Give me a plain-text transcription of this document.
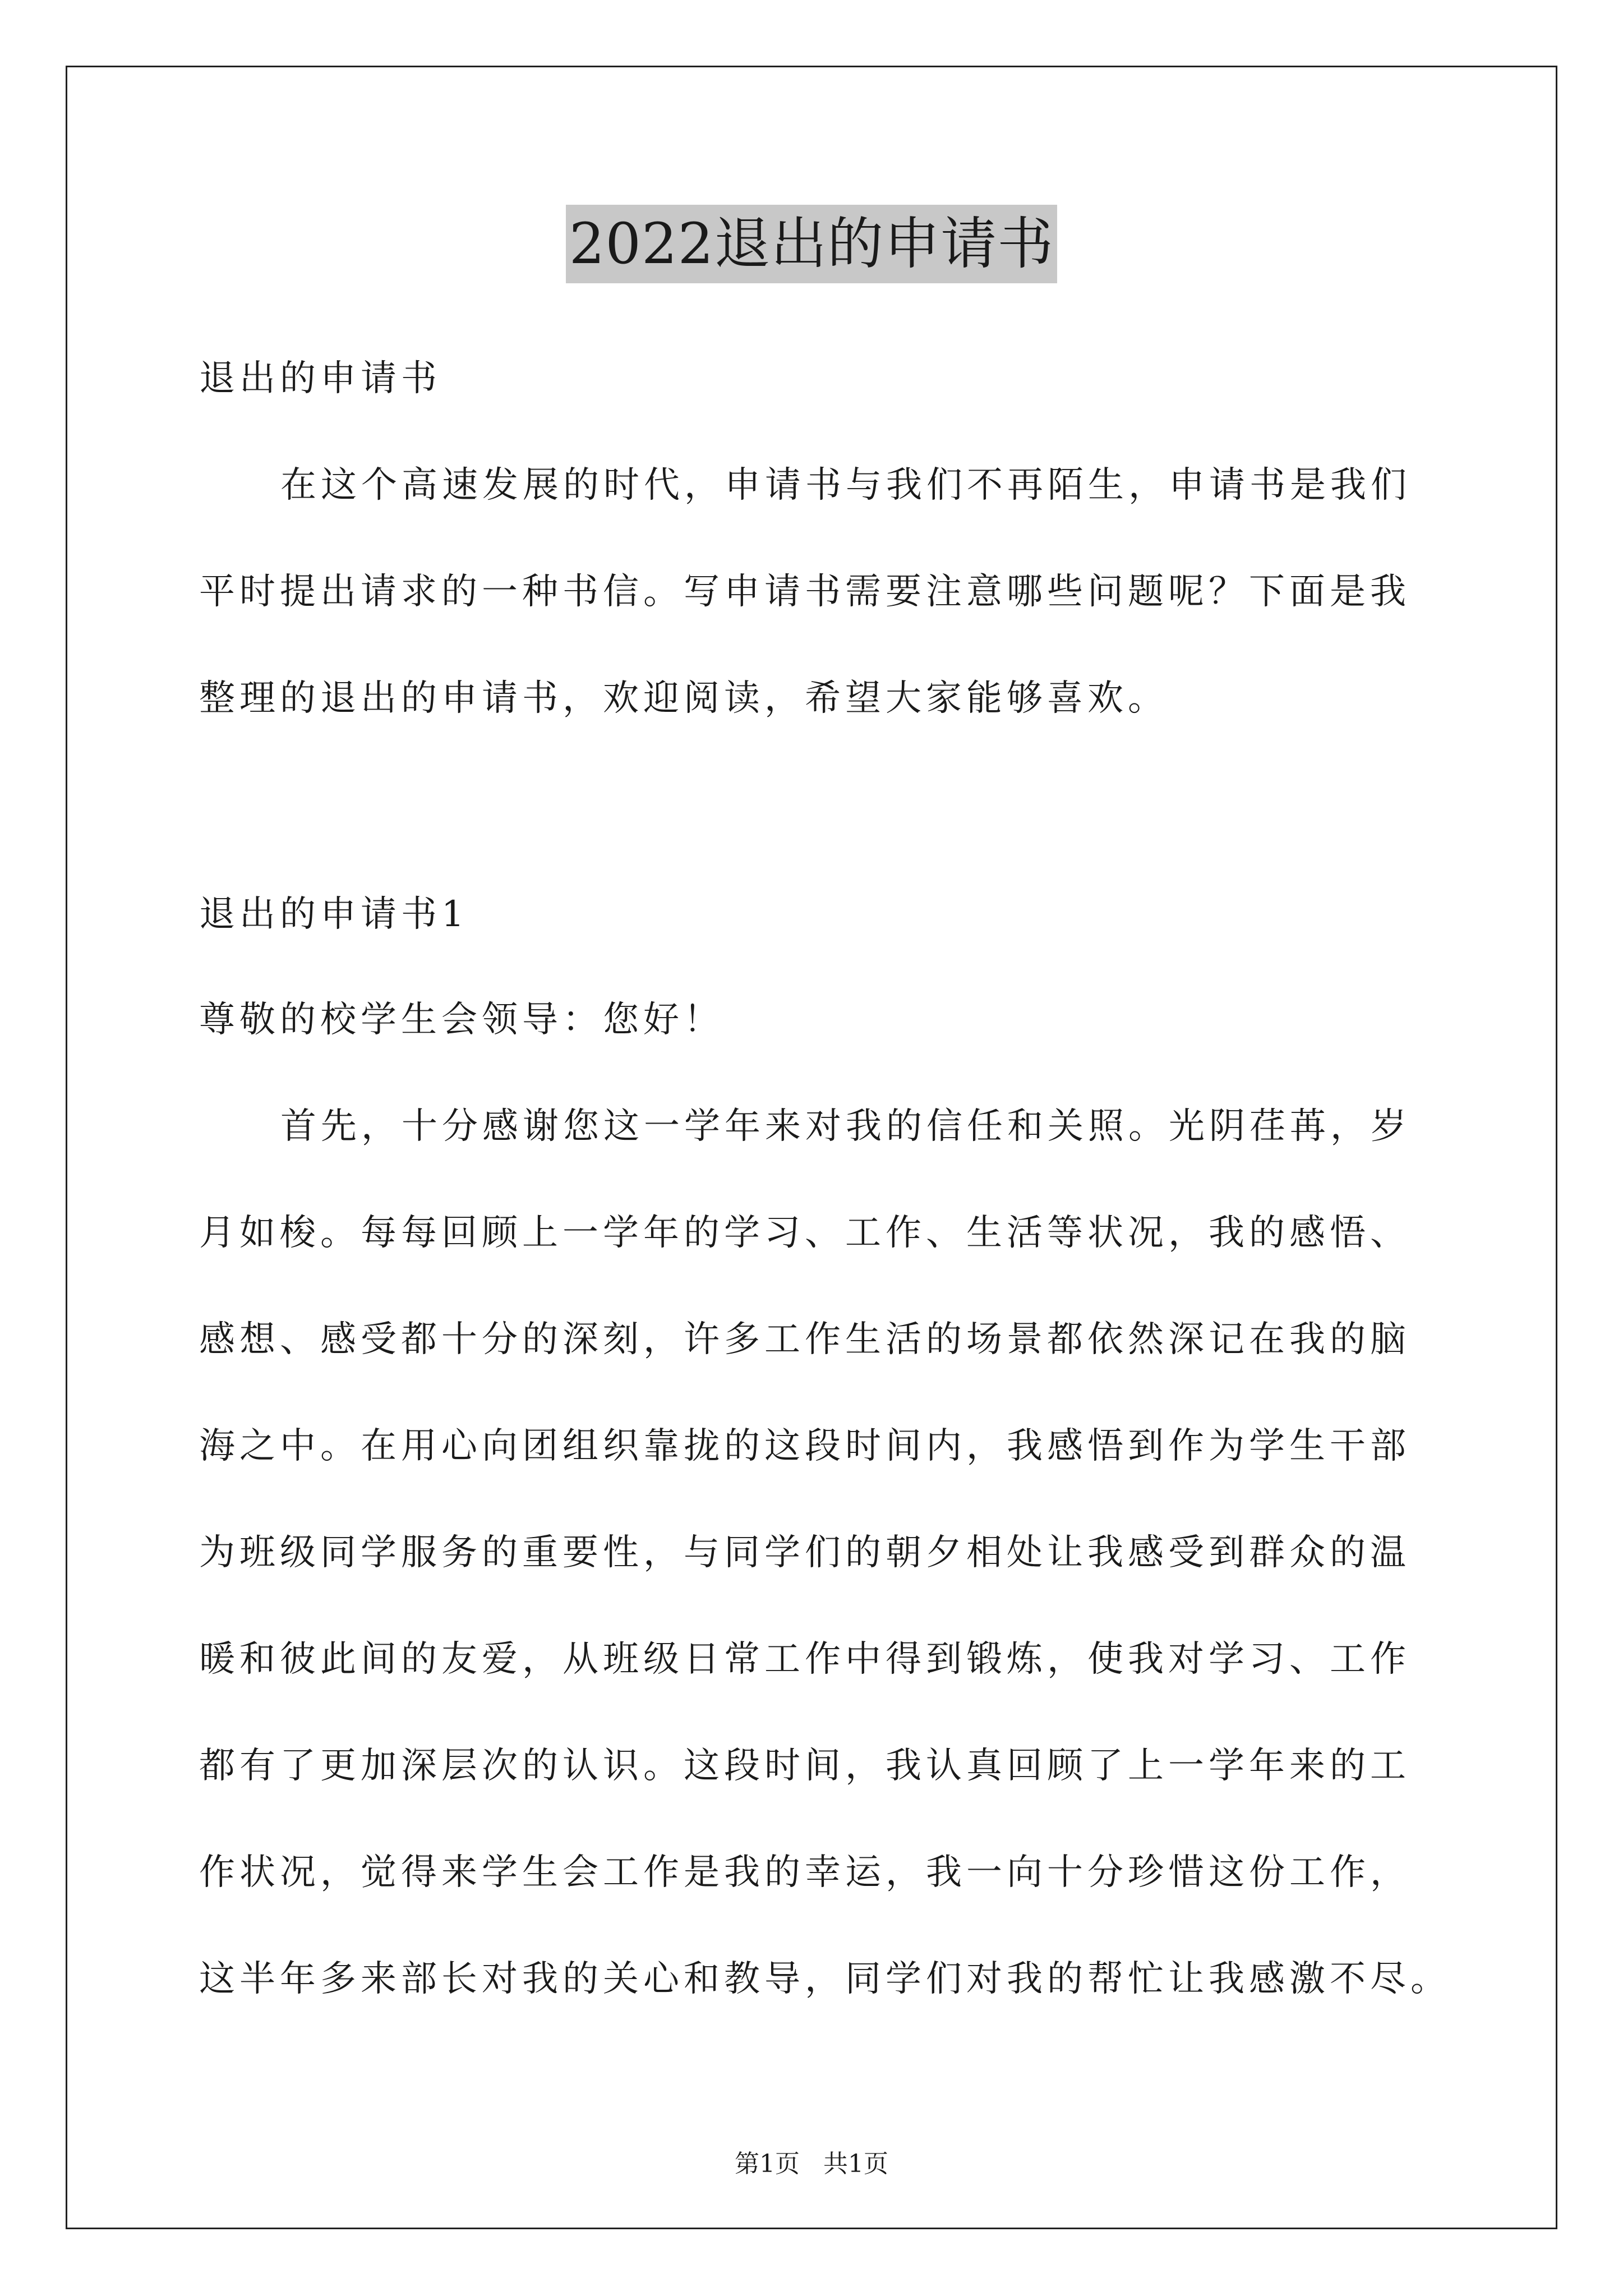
2022退出的申请书
退出的申请书
在这个高速发展的时代，申请书与我们不再陌生，申请书是我们
平时提出请求的一种书信。写申请书需要注意哪些问题呢？下面是我
整理的退出的申请书，欢迎阅读，希望大家能够喜欢。
退出的申请书1
尊敬的校学生会领导：您好！
首先，十分感谢您这一学年来对我的信任和关照。光阴荏苒，岁
月如梭。每每回顾上一学年的学习、工作、生活等状况，我的感悟、
感想、感受都十分的深刻，许多工作生活的场景都依然深记在我的脑
海之中。在用心向团组织靠拢的这段时间内，我感悟到作为学生干部
为班级同学服务的重要性，与同学们的朝夕相处让我感受到群众的温
暖和彼此间的友爱，从班级日常工作中得到锻炼，使我对学习、工作
都有了更加深层次的认识。这段时间，我认真回顾了上一学年来的工
作状况，觉得来学生会工作是我的幸运，我一向十分珍惜这份工作，
这半年多来部长对我的关心和教导，同学们对我的帮忙让我感激不尽。
第1页   共1页
